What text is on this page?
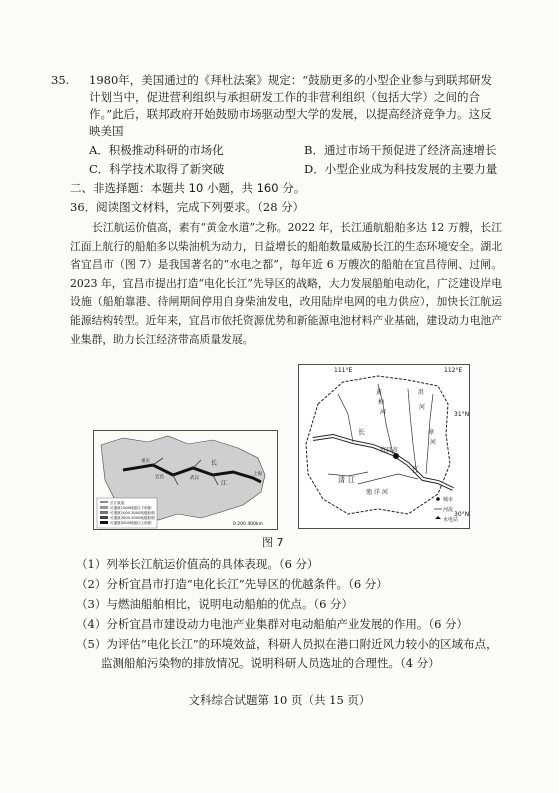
35. 1980年，美国通过的《拜杜法案》规定：“鼓励更多的小型企业参与到联邦研发计划当中，促进营利组织与承担研发工作的非营利组织（包括大学）之间的合作。”此后，联邦政府开始鼓励市场驱动型大学的发展，以提高经济竞争力。这反映美国
A．积极推动科研的市场化	B．通过市场干预促进了经济高速增长
C．科学技术取得了新突破	D．小型企业成为科技发展的主要力量
二、非选择题：本题共 10 小题，共 160 分。
36．阅读图文材料，完成下列要求。（28 分）
长江航运价值高，素有“黄金水道”之称。2022 年，长江通航船舶多达 12 万艘，长江江面上航行的船舶多以柴油机为动力，日益增长的船舶数量威胁长江的生态环境安全。湖北省宜昌市（图 7）是我国著名的“水电之都”，每年近 6 万艘次的船舶在宜昌待闸、过闸。2023 年，宜昌市提出打造“电化长江”先导区的战略，大力发展船舶电动化，广泛建设岸电设施（船舶靠港、待闸期间停用自身柴油发电，改用陆岸电网的电力供应），加快长江航运能源结构转型。近年来，宜昌市依托资源优势和新能源电池材料产业基础，建设动力电池产业集群，助力长江经济带高质量发展。
长江航道
可通航1000吨级以下船舶
可通航1000-3000吨级船舶
可通航3000-5000吨级船舶
可通航5000吨级以上船舶	0 200 400km
重庆
宜昌	武汉
长
江
上海
111°E	112°E
31°N
30°N
宜昌市
长
江
黄
柏
河
沮
漳
河
清 江
渔 洋 河
河
城市
河流
水电站
图 7
（1）列举长江航运价值高的具体表现。（6 分）
（2）分析宜昌市打造“电化长江”先导区的优越条件。（6 分）
（3）与燃油船舶相比，说明电动船舶的优点。（6 分）
（4）分析宜昌市建设动力电池产业集群对电动船舶产业发展的作用。（6 分）
（5）为评估“电化长江”的环境效益，科研人员拟在港口附近风力较小的区域布点，监测船舶污染物的排放情况。说明科研人员选址的合理性。（4 分）
文科综合试题第 10 页（共 15 页）
